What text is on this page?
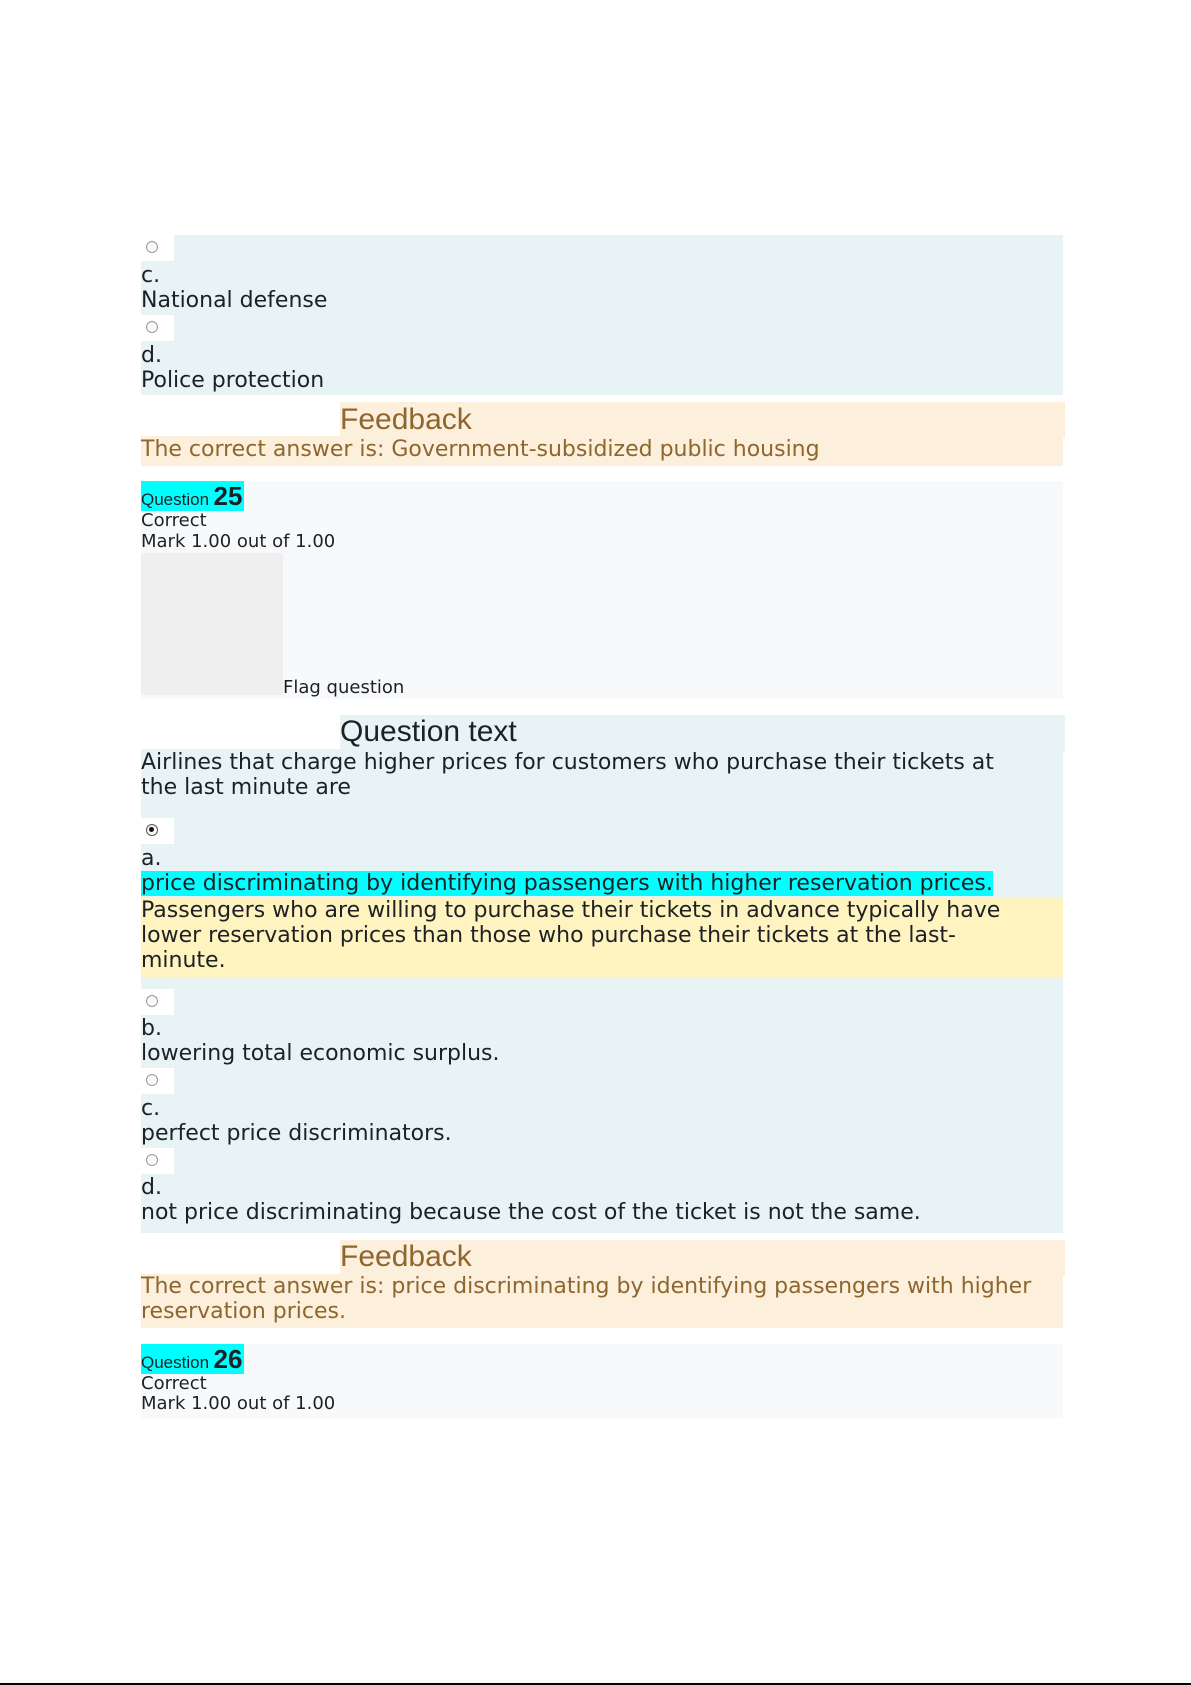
c.
National defense
d.
Police protection
Feedback
The correct answer is: Government-subsidized public housing
Question 25
Correct
Mark 1.00 out of 1.00
Flag question
Question text
Airlines that charge higher prices for customers who purchase their tickets at
the last minute are
a.
price discriminating by identifying passengers with higher reservation prices.
Passengers who are willing to purchase their tickets in advance typically have
lower reservation prices than those who purchase their tickets at the last-
minute.
b.
lowering total economic surplus.
c.
perfect price discriminators.
d.
not price discriminating because the cost of the ticket is not the same.
Feedback
The correct answer is: price discriminating by identifying passengers with higher
reservation prices.
Question 26
Correct
Mark 1.00 out of 1.00
